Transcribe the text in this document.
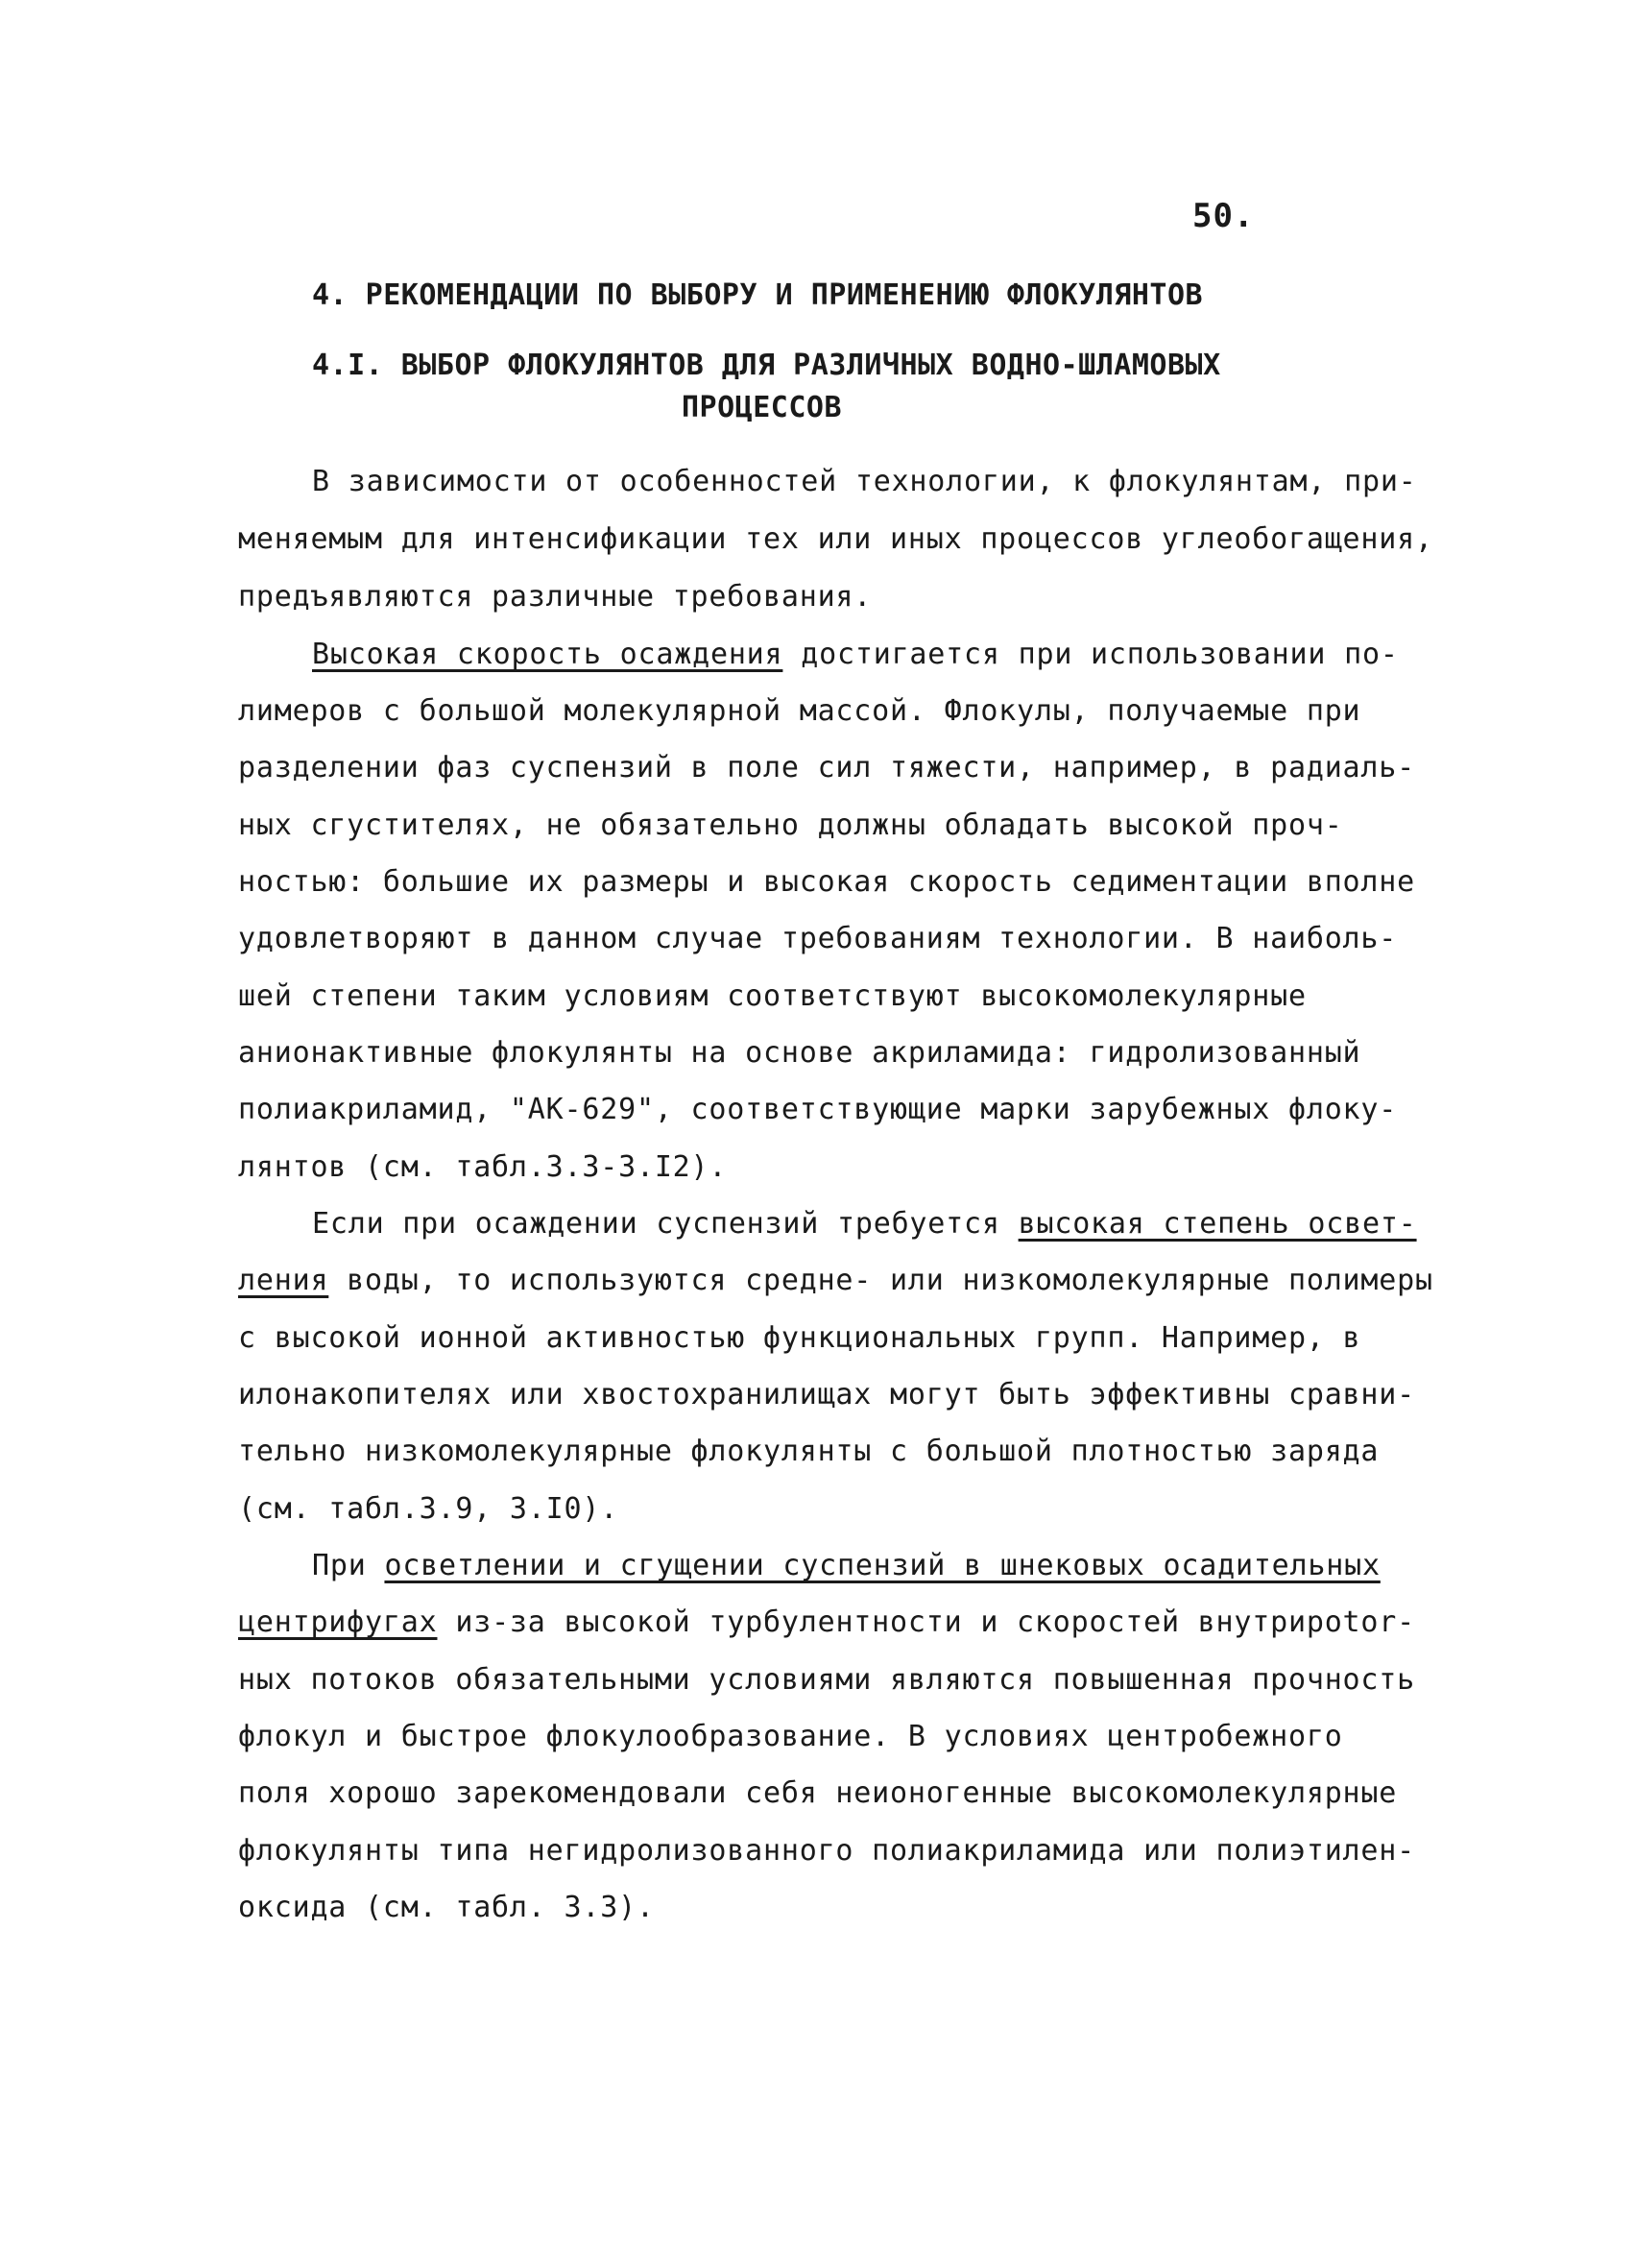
50.
4. РЕКОМЕНДАЦИИ ПО ВЫБОРУ И ПРИМЕНЕНИЮ ФЛОКУЛЯНТОВ
4.I. ВЫБОР ФЛОКУЛЯНТОВ ДЛЯ РАЗЛИЧНЫХ ВОДНО-ШЛАМОВЫХ
ПРОЦЕССОВ
В зависимости от особенностей технологии, к флокулянтам, при-
меняемым для интенсификации тех или иных процессов углеобогащения,
предъявляются различные требования.
Высокая скорость осаждения достигается при использовании по-
лимеров с большой молекулярной массой. Флокулы, получаемые при
разделении фаз суспензий в поле сил тяжести, например, в радиаль-
ных сгустителях, не обязательно должны обладать высокой проч-
ностью: большие их размеры и высокая скорость седиментации вполне
удовлетворяют в данном случае требованиям технологии. В наиболь-
шей степени таким условиям соответствуют высокомолекулярные
анионактивные флокулянты на основе акриламида: гидролизованный
полиакриламид, "АК-629", соответствующие марки зарубежных флоку-
лянтов (см. табл.3.3-3.I2).
Если при осаждении суспензий требуется высокая степень освет-
ления воды, то используются средне- или низкомолекулярные полимеры
с высокой ионной активностью функциональных групп. Например, в
илонакопителях или хвостохранилищах могут быть эффективны сравни-
тельно низкомолекулярные флокулянты с большой плотностью заряда
(см. табл.3.9, 3.I0).
При осветлении и сгущении суспензий в шнековых осадительных
центрифугах из-за высокой турбулентности и скоростей внутрирotor-
ных потоков обязательными условиями являются повышенная прочность
флокул и быстрое флокулообразование. В условиях центробежного
поля хорошо зарекомендовали себя неионогенные высокомолекулярные
флокулянты типа негидролизованного полиакриламида или полиэтилен-
оксида (см. табл. 3.3).
